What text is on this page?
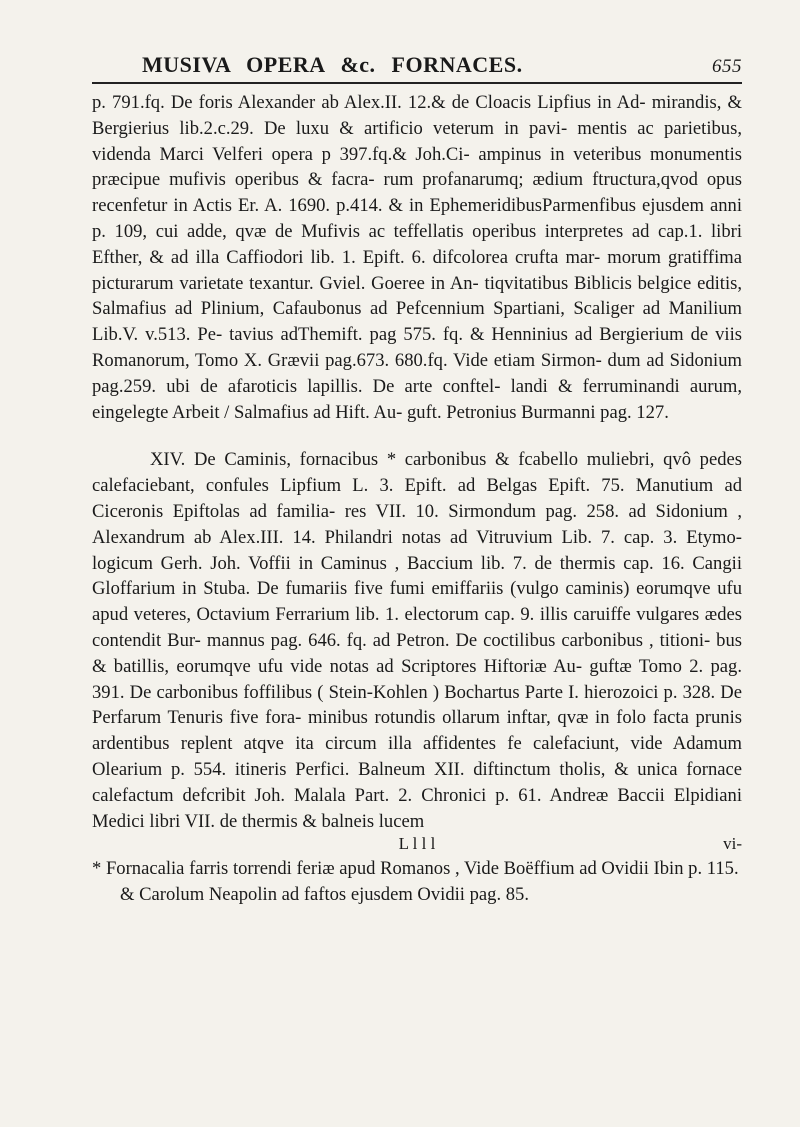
MUSIVA OPERA &c. FORNACES.	655

p. 791.fq. De foris Alexander ab Alex.II. 12.& de Cloacis Lipfius in Ad- mirandis, & Bergierius lib.2.c.29. De luxu & artificio veterum in pavi- mentis ac parietibus, videnda Marci Velferi opera p 397.fq.& Joh.Ci- ampinus in veteribus monumentis præcipue mufivis operibus & facra- rum profanarumq; ædium ftructura,qvod opus recenfetur in Actis Er. A. 1690. p.414. & in EphemeridibusParmenfibus ejusdem anni p. 109, cui adde, qvæ de Mufivis ac teffellatis operibus interpretes ad cap.1. libri Efther, & ad illa Caffiodori lib. 1. Epift. 6. difcolorea crufta mar- morum gratiffima picturarum varietate texantur. Gviel. Goeree in An- tiqvitatibus Biblicis belgice editis, Salmafius ad Plinium, Cafaubonus ad Pefcennium Spartiani, Scaliger ad Manilium Lib.V. v.513. Pe- tavius adThemift. pag 575. fq. & Henninius ad Bergierium de viis Romanorum, Tomo X. Grævii pag.673. 680.fq. Vide etiam Sirmon- dum ad Sidonium pag.259. ubi de afaroticis lapillis. De arte conftel- landi & ferruminandi aurum, eingelegte Arbeit / Salmafius ad Hift. Au- guft. Petronius Burmanni pag. 127.

XIV. De Caminis, fornacibus * carbonibus & fcabello muliebri, qvô pedes calefaciebant, confules Lipfium L. 3. Epift. ad Belgas Epift. 75. Manutium ad Ciceronis Epiftolas ad familia- res VII. 10. Sirmondum pag. 258. ad Sidonium , Alexandrum ab Alex.III. 14. Philandri notas ad Vitruvium Lib. 7. cap. 3. Etymo- logicum Gerh. Joh. Voffii in Caminus , Baccium lib. 7. de thermis cap. 16. Cangii Gloffarium in Stuba. De fumariis five fumi emiffariis (vulgo caminis) eorumqve ufu apud veteres, Octavium Ferrarium lib. 1. electorum cap. 9. illis caruiffe vulgares ædes contendit Bur- mannus pag. 646. fq. ad Petron. De coctilibus carbonibus , titioni- bus & batillis, eorumqve ufu vide notas ad Scriptores Hiftoriæ Au- guftæ Tomo 2. pag. 391. De carbonibus foffilibus ( Stein-Kohlen ) Bochartus Parte I. hierozoici p. 328. De Perfarum Tenuris five fora- minibus rotundis ollarum inftar, qvæ in folo facta prunis ardentibus replent atqve ita circum illa affidentes fe calefaciunt, vide Adamum Olearium p. 554. itineris Perfici. Balneum XII. diftinctum tholis, & unica fornace calefactum defcribit Joh. Malala Part. 2. Chronici p. 61. Andreæ Baccii Elpidiani Medici libri VII. de thermis & balneis lucem

L l l l	vi-

* Fornacalia farris torrendi feriæ apud Romanos , Vide Boëffium ad Ovidii Ibin p. 115.
& Carolum Neapolin ad faftos ejusdem Ovidii pag. 85.
